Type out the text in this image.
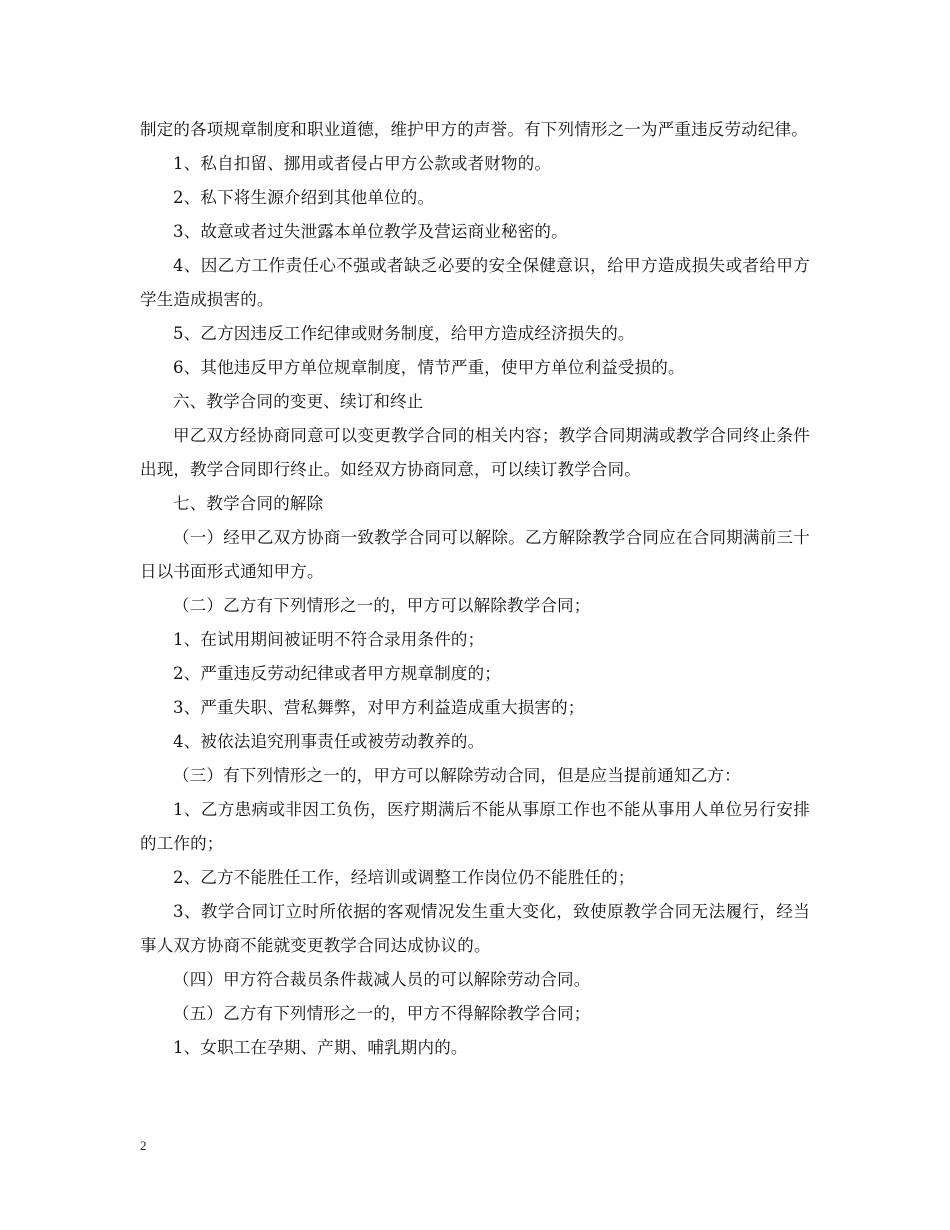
制定的各项规章制度和职业道德，维护甲方的声誉。有下列情形之一为严重违反劳动纪律。

1、私自扣留、挪用或者侵占甲方公款或者财物的。

2、私下将生源介绍到其他单位的。

3、故意或者过失泄露本单位教学及营运商业秘密的。

4、因乙方工作责任心不强或者缺乏必要的安全保健意识，给甲方造成损失或者给甲方学生造成损害的。

5、乙方因违反工作纪律或财务制度，给甲方造成经济损失的。

6、其他违反甲方单位规章制度，情节严重，使甲方单位利益受损的。

六、教学合同的变更、续订和终止

甲乙双方经协商同意可以变更教学合同的相关内容；教学合同期满或教学合同终止条件出现，教学合同即行终止。如经双方协商同意，可以续订教学合同。

七、教学合同的解除

（一）经甲乙双方协商一致教学合同可以解除。乙方解除教学合同应在合同期满前三十日以书面形式通知甲方。

（二）乙方有下列情形之一的，甲方可以解除教学合同；

1、在试用期间被证明不符合录用条件的；

2、严重违反劳动纪律或者甲方规章制度的；

3、严重失职、营私舞弊，对甲方利益造成重大损害的；

4、被依法追究刑事责任或被劳动教养的。

（三）有下列情形之一的，甲方可以解除劳动合同，但是应当提前通知乙方：

1、乙方患病或非因工负伤，医疗期满后不能从事原工作也不能从事用人单位另行安排的工作的；

2、乙方不能胜任工作，经培训或调整工作岗位仍不能胜任的；

3、教学合同订立时所依据的客观情况发生重大变化，致使原教学合同无法履行，经当事人双方协商不能就变更教学合同达成协议的。

（四）甲方符合裁员条件裁减人员的可以解除劳动合同。

（五）乙方有下列情形之一的，甲方不得解除教学合同；

1、女职工在孕期、产期、哺乳期内的。

2
